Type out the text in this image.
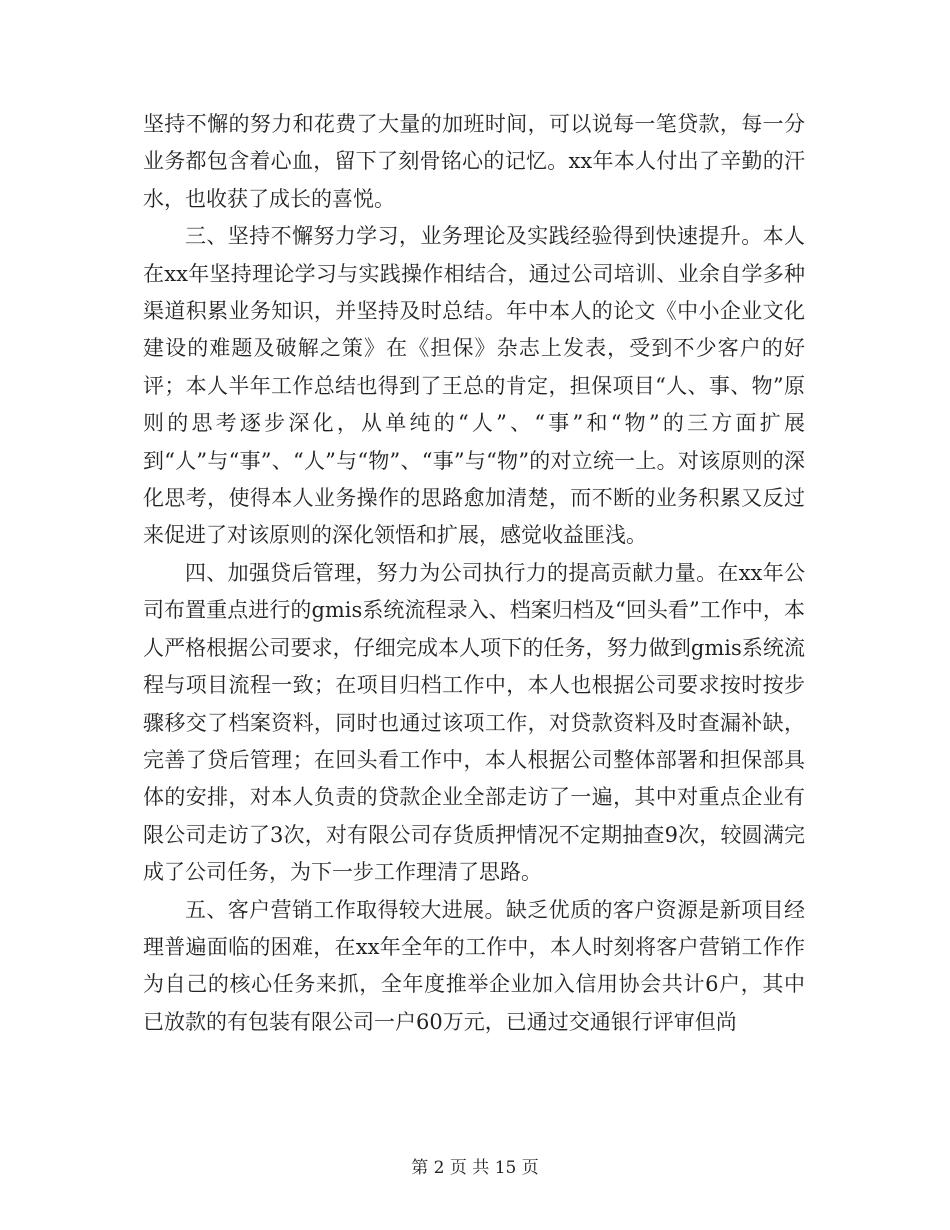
坚持不懈的努力和花费了大量的加班时间，可以说每一笔贷款，每一分业务都包含着心血，留下了刻骨铭心的记忆。xx年本人付出了辛勤的汗水，也收获了成长的喜悦。

三、坚持不懈努力学习，业务理论及实践经验得到快速提升。本人在xx年坚持理论学习与实践操作相结合，通过公司培训、业余自学多种渠道积累业务知识，并坚持及时总结。年中本人的论文《中小企业文化建设的难题及破解之策》在《担保》杂志上发表，受到不少客户的好评；本人半年工作总结也得到了王总的肯定，担保项目“人、事、物”原则的思考逐步深化，从单纯的“人”、“事”和“物”的三方面扩展到“人”与“事”、“人”与“物”、“事”与“物”的对立统一上。对该原则的深化思考，使得本人业务操作的思路愈加清楚，而不断的业务积累又反过来促进了对该原则的深化领悟和扩展，感觉收益匪浅。

四、加强贷后管理，努力为公司执行力的提高贡献力量。在xx年公司布置重点进行的gmis系统流程录入、档案归档及“回头看”工作中，本人严格根据公司要求，仔细完成本人项下的任务，努力做到gmis系统流程与项目流程一致；在项目归档工作中，本人也根据公司要求按时按步骤移交了档案资料，同时也通过该项工作，对贷款资料及时查漏补缺，完善了贷后管理；在回头看工作中，本人根据公司整体部署和担保部具体的安排，对本人负责的贷款企业全部走访了一遍，其中对重点企业有限公司走访了3次，对有限公司存货质押情况不定期抽查9次，较圆满完成了公司任务，为下一步工作理清了思路。

五、客户营销工作取得较大进展。缺乏优质的客户资源是新项目经理普遍面临的困难，在xx年全年的工作中，本人时刻将客户营销工作作为自己的核心任务来抓，全年度推举企业加入信用协会共计6户，其中已放款的有包装有限公司一户60万元，已通过交通银行评审但尚

第 2 页 共 15 页
